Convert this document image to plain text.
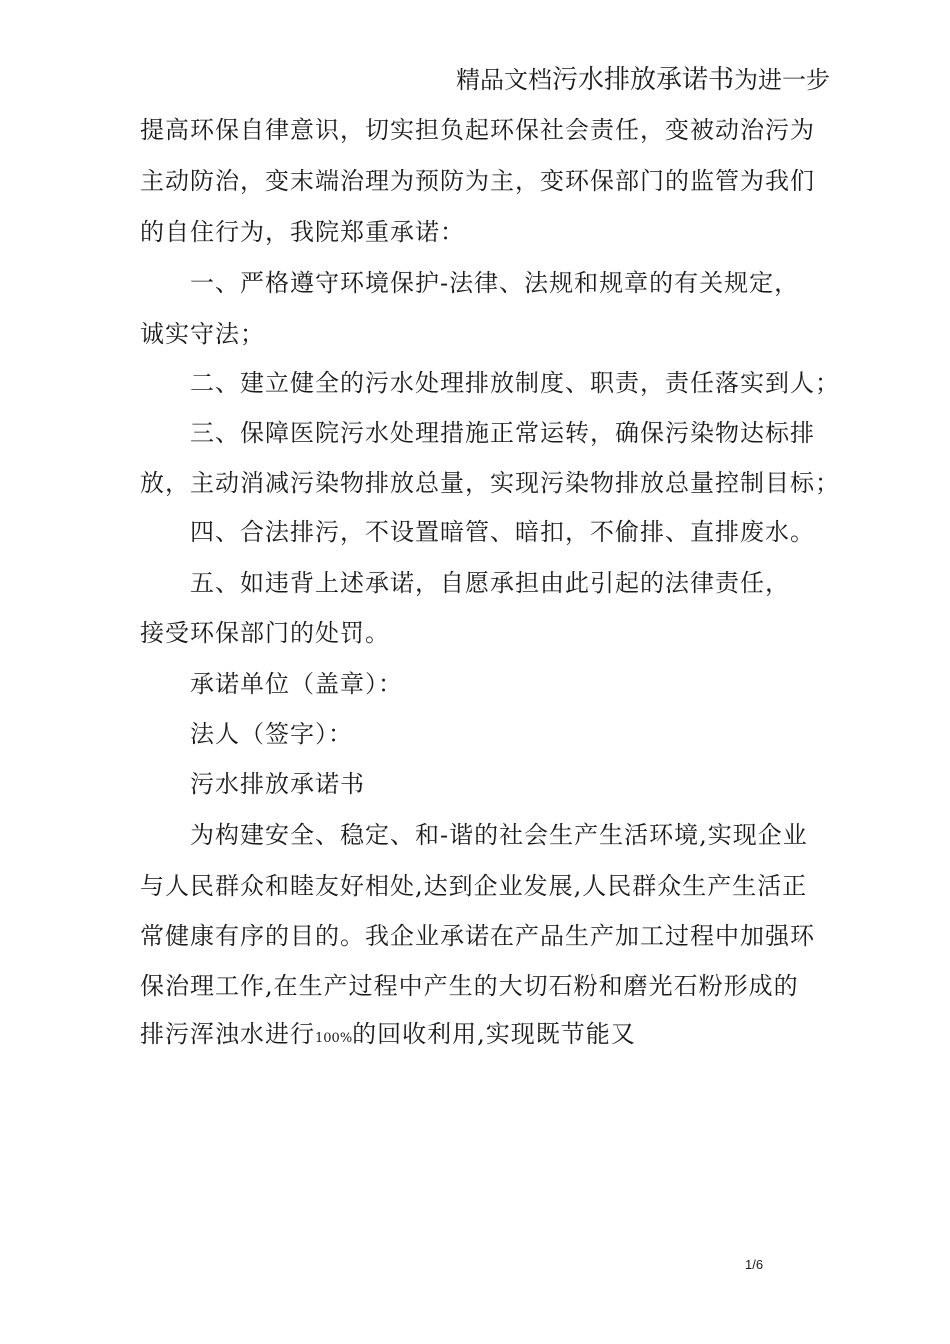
精品文档污水排放承诺书为进一步
提高环保自律意识，切实担负起环保社会责任，变被动治污为
主动防治，变末端治理为预防为主，变环保部门的监管为我们
的自住行为，我院郑重承诺：
一、严格遵守环境保护-法律、法规和规章的有关规定，
诚实守法；
二、建立健全的污水处理排放制度、职责，责任落实到人；
三、保障医院污水处理措施正常运转，确保污染物达标排
放，主动消减污染物排放总量，实现污染物排放总量控制目标；
四、合法排污，不设置暗管、暗扣，不偷排、直排废水。
五、如违背上述承诺，自愿承担由此引起的法律责任，
接受环保部门的处罚。
承诺单位（盖章）：
法人（签字）：
污水排放承诺书
为构建安全、稳定、和-谐的社会生产生活环境,实现企业
与人民群众和睦友好相处,达到企业发展,人民群众生产生活正
常健康有序的目的。我企业承诺在产品生产加工过程中加强环
保治理工作,在生产过程中产生的大切石粉和磨光石粉形成的
排污浑浊水进行100%的回收利用,实现既节能又
1/6
